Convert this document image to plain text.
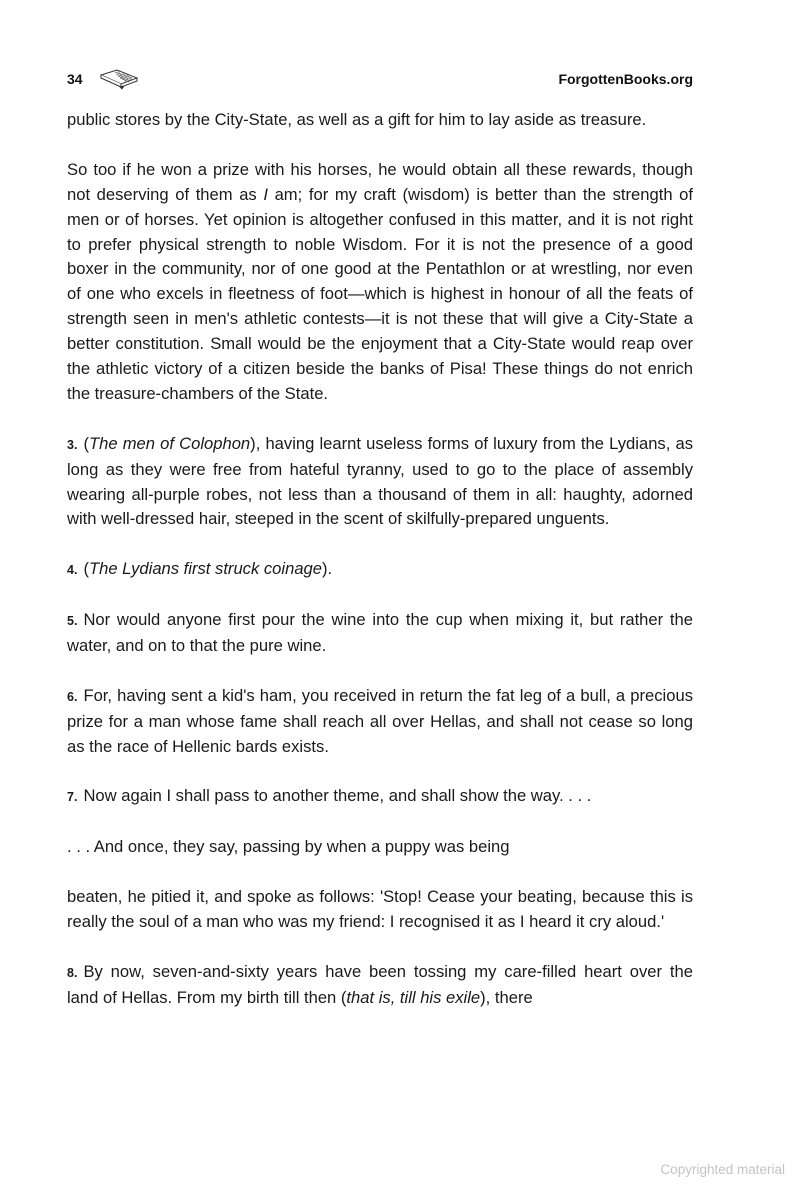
34	ForgottenBooks.org

public stores by the City-State, as well as a gift for him to lay aside as treasure.

So too if he won a prize with his horses, he would obtain all these rewards, though not deserving of them as I am; for my craft (wisdom) is better than the strength of men or of horses. Yet opinion is altogether confused in this matter, and it is not right to prefer physical strength to noble Wisdom. For it is not the presence of a good boxer in the community, nor of one good at the Pentathlon or at wrestling, nor even of one who excels in fleetness of foot—which is highest in honour of all the feats of strength seen in men's athletic contests—it is not these that will give a City-State a better constitution. Small would be the enjoyment that a City-State would reap over the athletic victory of a citizen beside the banks of Pisa! These things do not enrich the treasure-chambers of the State.

3. (The men of Colophon), having learnt useless forms of luxury from the Lydians, as long as they were free from hateful tyranny, used to go to the place of assembly wearing all-purple robes, not less than a thousand of them in all: haughty, adorned with well-dressed hair, steeped in the scent of skilfully-prepared unguents.

4. (The Lydians first struck coinage).

5. Nor would anyone first pour the wine into the cup when mixing it, but rather the water, and on to that the pure wine.

6. For, having sent a kid's ham, you received in return the fat leg of a bull, a precious prize for a man whose fame shall reach all over Hellas, and shall not cease so long as the race of Hellenic bards exists.

7. Now again I shall pass to another theme, and shall show the way. . . .

. . . And once, they say, passing by when a puppy was being

beaten, he pitied it, and spoke as follows: 'Stop! Cease your beating, because this is really the soul of a man who was my friend: I recognised it as I heard it cry aloud.'

8. By now, seven-and-sixty years have been tossing my care-filled heart over the land of Hellas. From my birth till then (that is, till his exile), there

Copyrighted material
